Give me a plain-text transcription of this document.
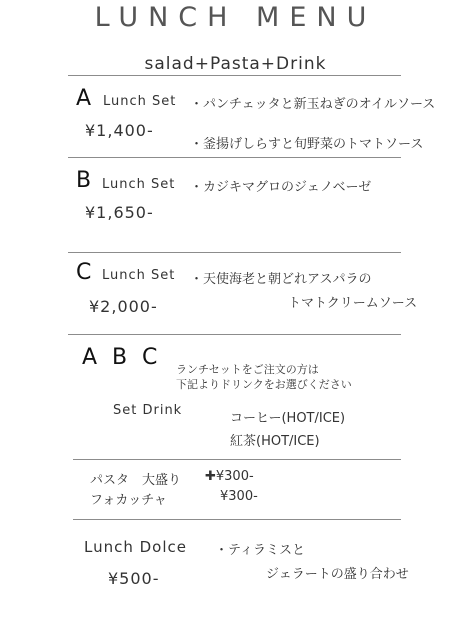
LUNCH MENU
salad+Pasta+Drink
A Lunch Set ・パンチェッタと新玉ねぎのオイルソース
¥1,400-
・釜揚げしらすと旬野菜のトマトソース
B Lunch Set ・カジキマグロのジェノベーゼ
¥1,650-
C Lunch Set ・天使海老と朝どれアスパラの
トマトクリームソース
¥2,000-
A B C	ランチセットをご注文の方は
下記よりドリンクをお選びください
Set Drink
コーヒー(HOT/ICE)
紅茶(HOT/ICE)
パスタ　大盛り ✚¥300-
フォカッチャ	¥300-
Lunch Dolce ・ティラミスと
ジェラートの盛り合わせ
¥500-
